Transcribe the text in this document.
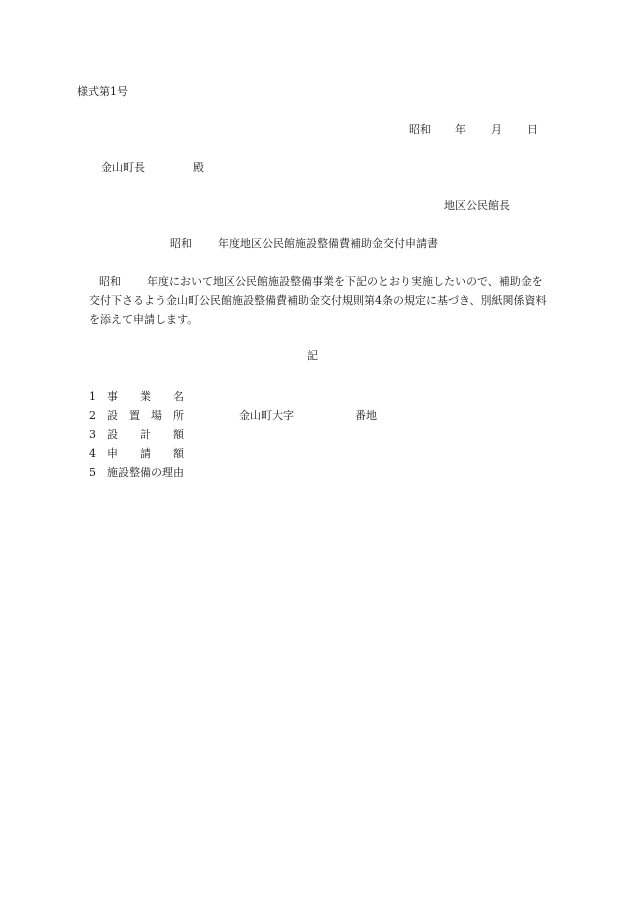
様式第1号
昭和 年 月 日
金山町長	殿
地区公民館長
昭和 年度地区公民館施設整備費補助金交付申請書
昭和 年度において地区公民館施設整備事業を下記のとおり実施したいので、補助金を交付下さるよう金山町公民館施設整備費補助金交付規則第4条の規定に基づき、別紙関係資料を添えて申請します。
記
1 事　　業　　名
2 設　置　場　所	金山町大字	番地
3 設　　計　　額
4 申　　請　　額
5 施設整備の理由
